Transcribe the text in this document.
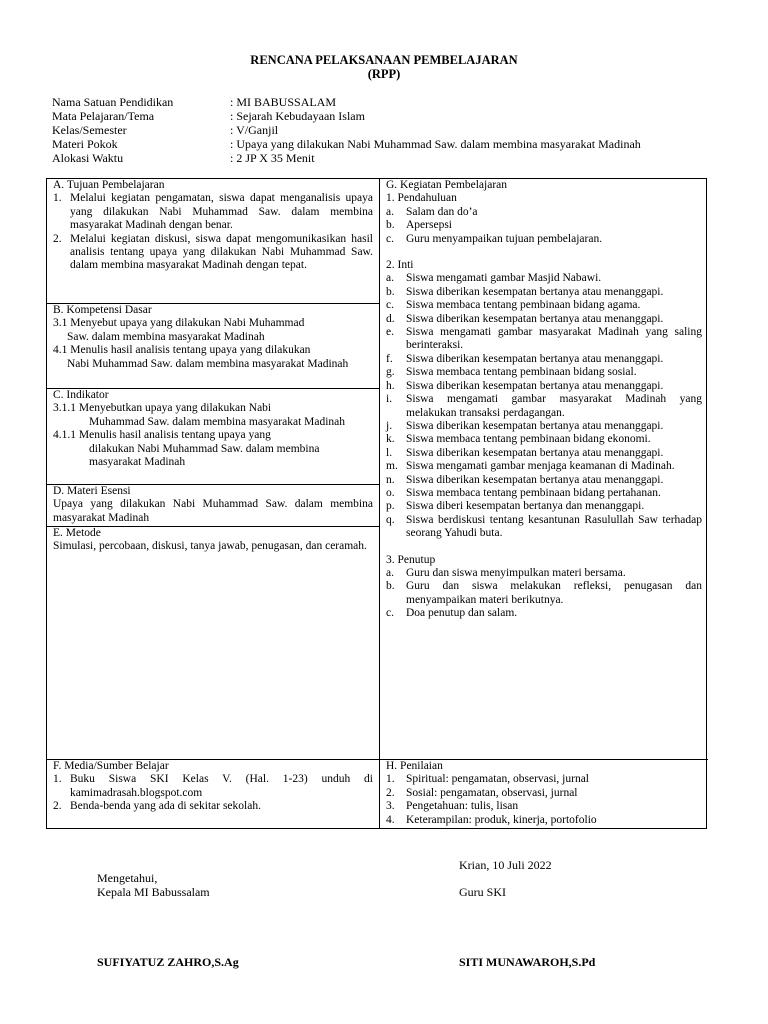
RENCANA PELAKSANAAN PEMBELAJARAN
(RPP)
Nama Satuan Pendidikan	: MI BABUSSALAM
Mata Pelajaran/Tema	: Sejarah Kebudayaan Islam
Kelas/Semester	: V/Ganjil
Materi Pokok	: Upaya yang dilakukan Nabi Muhammad Saw. dalam membina masyarakat Madinah
Alokasi Waktu	: 2 JP X 35 Menit
A. Tujuan Pembelajaran
1. Melalui kegiatan pengamatan, siswa dapat menganalisis upaya yang dilakukan Nabi Muhammad Saw. dalam membina masyarakat Madinah dengan benar.
2. Melalui kegiatan diskusi, siswa dapat mengomunikasikan hasil analisis tentang upaya yang dilakukan Nabi Muhammad Saw. dalam membina masyarakat Madinah dengan tepat.
B. Kompetensi Dasar
3.1 Menyebut upaya yang dilakukan Nabi Muhammad
Saw. dalam membina masyarakat Madinah
4.1 Menulis hasil analisis tentang upaya yang dilakukan
Nabi Muhammad Saw. dalam membina masyarakat Madinah
C. Indikator
3.1.1 Menyebutkan upaya yang dilakukan Nabi
Muhammad Saw. dalam membina masyarakat Madinah
4.1.1 Menulis hasil analisis tentang upaya yang
dilakukan Nabi Muhammad Saw. dalam membina masyarakat Madinah
D. Materi Esensi
Upaya yang dilakukan Nabi Muhammad Saw. dalam membina masyarakat Madinah
E. Metode
Simulasi, percobaan, diskusi, tanya jawab, penugasan, dan ceramah.
F. Media/Sumber Belajar
1. Buku Siswa SKI Kelas V. (Hal. 1-23) unduh di kamimadrasah.blogspot.com
2. Benda-benda yang ada di sekitar sekolah.
G. Kegiatan Pembelajaran
1. Pendahuluan
a.	Salam dan do’a
b. Apersepsi
c.	Guru menyampaikan tujuan pembelajaran.
2. Inti
a.	Siswa mengamati gambar Masjid Nabawi.
b. Siswa diberikan kesempatan bertanya atau menanggapi.
c.	Siswa membaca tentang pembinaan bidang agama.
d. Siswa diberikan kesempatan bertanya atau menanggapi.
e.	Siswa mengamati gambar masyarakat Madinah yang saling berinteraksi.
f.	Siswa diberikan kesempatan bertanya atau menanggapi.
g. Siswa membaca tentang pembinaan bidang sosial.
h. Siswa diberikan kesempatan bertanya atau menanggapi.
i.	Siswa mengamati gambar masyarakat Madinah yang melakukan transaksi perdagangan.
j.	Siswa diberikan kesempatan bertanya atau menanggapi.
k. Siswa membaca tentang pembinaan bidang ekonomi.
l.	Siswa diberikan kesempatan bertanya atau menanggapi.
m. Siswa mengamati gambar menjaga keamanan di Madinah.
n. Siswa diberikan kesempatan bertanya atau menanggapi.
o. Siswa membaca tentang pembinaan bidang pertahanan.
p. Siswa diberi kesempatan bertanya dan menanggapi.
q. Siswa berdiskusi tentang kesantunan Rasulullah Saw terhadap seorang Yahudi buta.
3. Penutup
a.	Guru dan siswa menyimpulkan materi bersama.
b. Guru dan siswa melakukan refleksi, penugasan dan menyampaikan materi berikutnya.
c.	Doa penutup dan salam.
H. Penilaian
1. Spiritual: pengamatan, observasi, jurnal
2. Sosial: pengamatan, observasi, jurnal
3. Pengetahuan: tulis, lisan
4. Keterampilan: produk, kinerja, portofolio
Krian, 10 Juli 2022
Mengetahui,
Kepala MI Babussalam	Guru SKI
SUFIYATUZ ZAHRO,S.Ag	SITI MUNAWAROH,S.Pd
